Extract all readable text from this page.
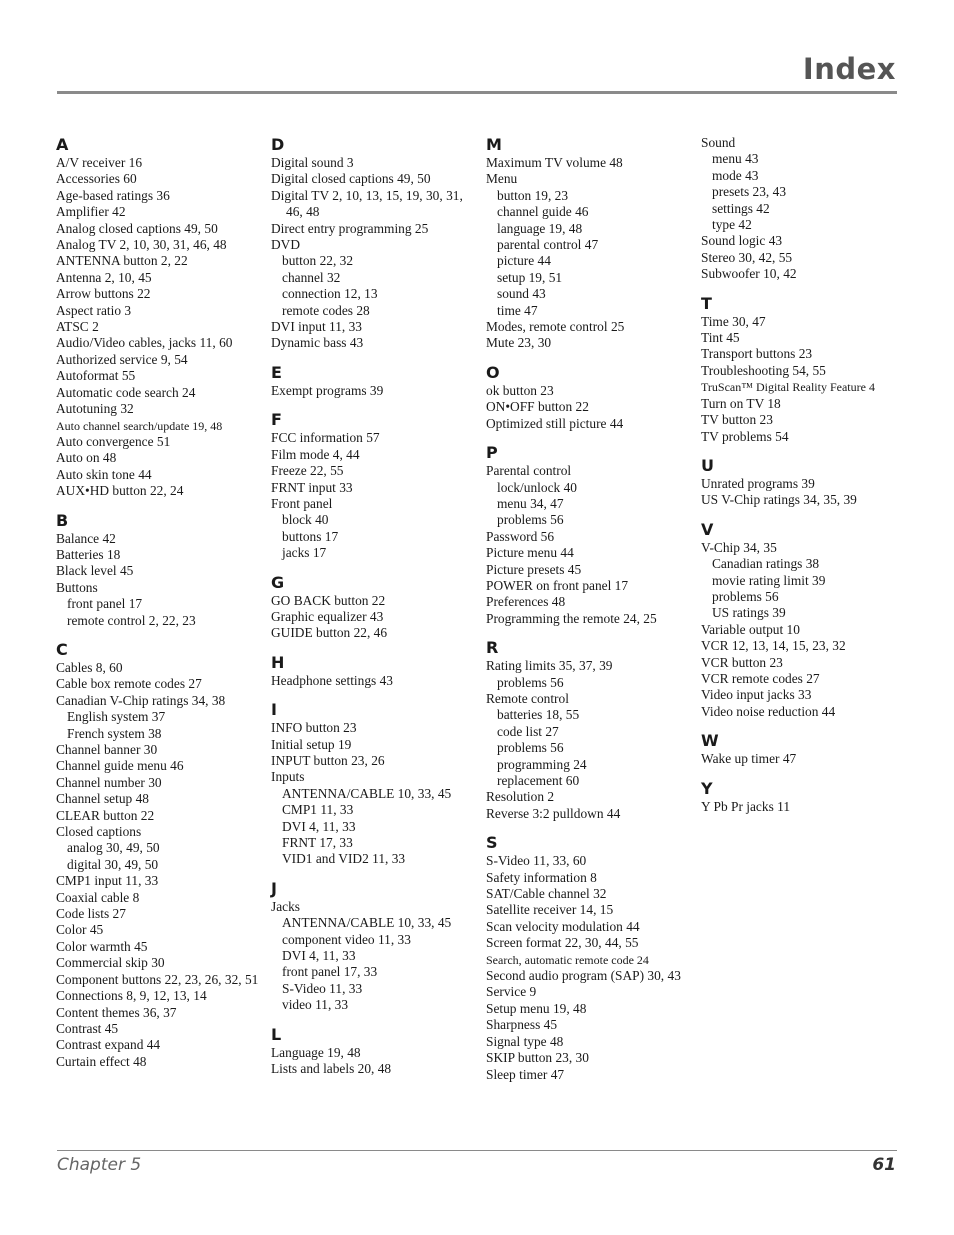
Index
A
A/V receiver 16
Accessories 60
Age-based ratings 36
Amplifier 42
Analog closed captions 49, 50
Analog TV 2, 10, 30, 31, 46, 48
ANTENNA button 2, 22
Antenna 2, 10, 45
Arrow buttons 22
Aspect ratio 3
ATSC 2
Audio/Video cables, jacks 11, 60
Authorized service 9, 54
Autoformat 55
Automatic code search 24
Autotuning 32
Auto channel search/update 19, 48
Auto convergence 51
Auto on 48
Auto skin tone 44
AUX•HD button 22, 24
B
Balance 42
Batteries 18
Black level 45
Buttons
front panel 17
remote control 2, 22, 23
C
Cables 8, 60
Cable box remote codes 27
Canadian V-Chip ratings 34, 38
English system 37
French system 38
Channel banner 30
Channel guide menu 46
Channel number 30
Channel setup 48
CLEAR button 22
Closed captions
analog 30, 49, 50
digital 30, 49, 50
CMP1 input 11, 33
Coaxial cable 8
Code lists 27
Color 45
Color warmth 45
Commercial skip 30
Component buttons 22, 23, 26, 32, 51
Connections 8, 9, 12, 13, 14
Content themes 36, 37
Contrast 45
Contrast expand 44
Curtain effect 48
D
Digital sound 3
Digital closed captions 49, 50
Digital TV 2, 10, 13, 15, 19, 30, 31, 46, 48
Direct entry programming 25
DVD
button 22, 32
channel 32
connection 12, 13
remote codes 28
DVI input 11, 33
Dynamic bass 43
E
Exempt programs 39
F
FCC information 57
Film mode 4, 44
Freeze 22, 55
FRNT input 33
Front panel
block 40
buttons 17
jacks 17
G
GO BACK button 22
Graphic equalizer 43
GUIDE button 22, 46
H
Headphone settings 43
I
INFO button 23
Initial setup 19
INPUT button 23, 26
Inputs
ANTENNA/CABLE 10, 33, 45
CMP1 11, 33
DVI 4, 11, 33
FRNT 17, 33
VID1 and VID2 11, 33
J
Jacks
ANTENNA/CABLE 10, 33, 45
component video 11, 33
DVI 4, 11, 33
front panel 17, 33
S-Video 11, 33
video 11, 33
L
Language 19, 48
Lists and labels 20, 48
M
Maximum TV volume 48
Menu
button 19, 23
channel guide 46
language 19, 48
parental control 47
picture 44
setup 19, 51
sound 43
time 47
Modes, remote control 25
Mute 23, 30
O
ok button 23
ON•OFF button 22
Optimized still picture 44
P
Parental control
lock/unlock 40
menu 34, 47
problems 56
Password 56
Picture menu 44
Picture presets 45
POWER on front panel 17
Preferences 48
Programming the remote 24, 25
R
Rating limits 35, 37, 39
problems 56
Remote control
batteries 18, 55
code list 27
problems 56
programming 24
replacement 60
Resolution 2
Reverse 3:2 pulldown 44
S
S-Video 11, 33, 60
Safety information 8
SAT/Cable channel 32
Satellite receiver 14, 15
Scan velocity modulation 44
Screen format 22, 30, 44, 55
Search, automatic remote code 24
Second audio program (SAP) 30, 43
Service 9
Setup menu 19, 48
Sharpness 45
Signal type 48
SKIP button 23, 30
Sleep timer 47
Sound
menu 43
mode 43
presets 23, 43
settings 42
type 42
Sound logic 43
Stereo 30, 42, 55
Subwoofer 10, 42
T
Time 30, 47
Tint 45
Transport buttons 23
Troubleshooting 54, 55
TruScan™ Digital Reality Feature 4
Turn on TV 18
TV button 23
TV problems 54
U
Unrated programs 39
US V-Chip ratings 34, 35, 39
V
V-Chip 34, 35
Canadian ratings 38
movie rating limit 39
problems 56
US ratings 39
Variable output 10
VCR 12, 13, 14, 15, 23, 32
VCR button 23
VCR remote codes 27
Video input jacks 33
Video noise reduction 44
W
Wake up timer 47
Y
Y Pb Pr jacks 11
Chapter 5	61
